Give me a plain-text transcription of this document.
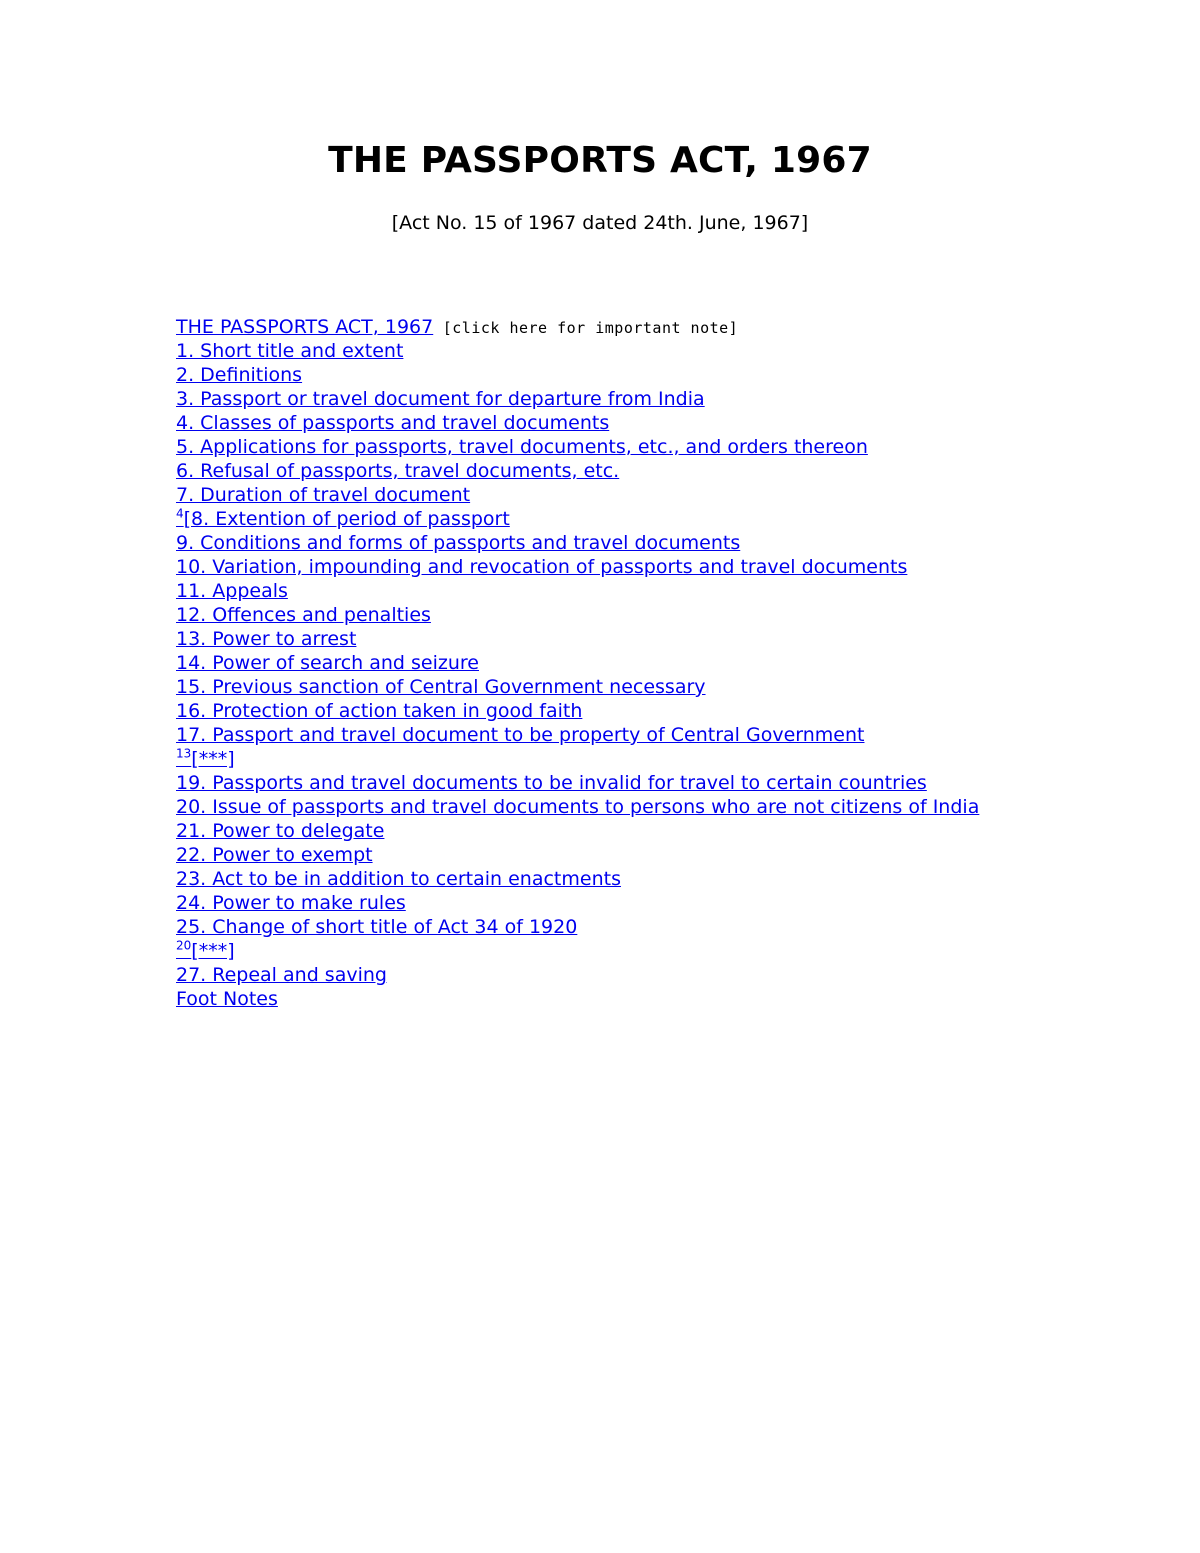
THE PASSPORTS ACT, 1967

[Act No. 15 of 1967 dated 24th. June, 1967]

THE PASSPORTS ACT, 1967 [click here for important note]
1. Short title and extent
2. Definitions
3. Passport or travel document for departure from India
4. Classes of passports and travel documents
5. Applications for passports, travel documents, etc., and orders thereon
6. Refusal of passports, travel documents, etc.
7. Duration of travel document
$^4$[8. Extention of period of passport
9. Conditions and forms of passports and travel documents
10. Variation, impounding and revocation of passports and travel documents
11. Appeals
12. Offences and penalties
13. Power to arrest
14. Power of search and seizure
15. Previous sanction of Central Government necessary
16. Protection of action taken in good faith
17. Passport and travel document to be property of Central Government
$^{13}$[***]
19. Passports and travel documents to be invalid for travel to certain countries
20. Issue of passports and travel documents to persons who are not citizens of India
21. Power to delegate
22. Power to exempt
23. Act to be in addition to certain enactments
24. Power to make rules
25. Change of short title of Act 34 of 1920
$^{20}$[***]
27. Repeal and saving
Foot Notes
